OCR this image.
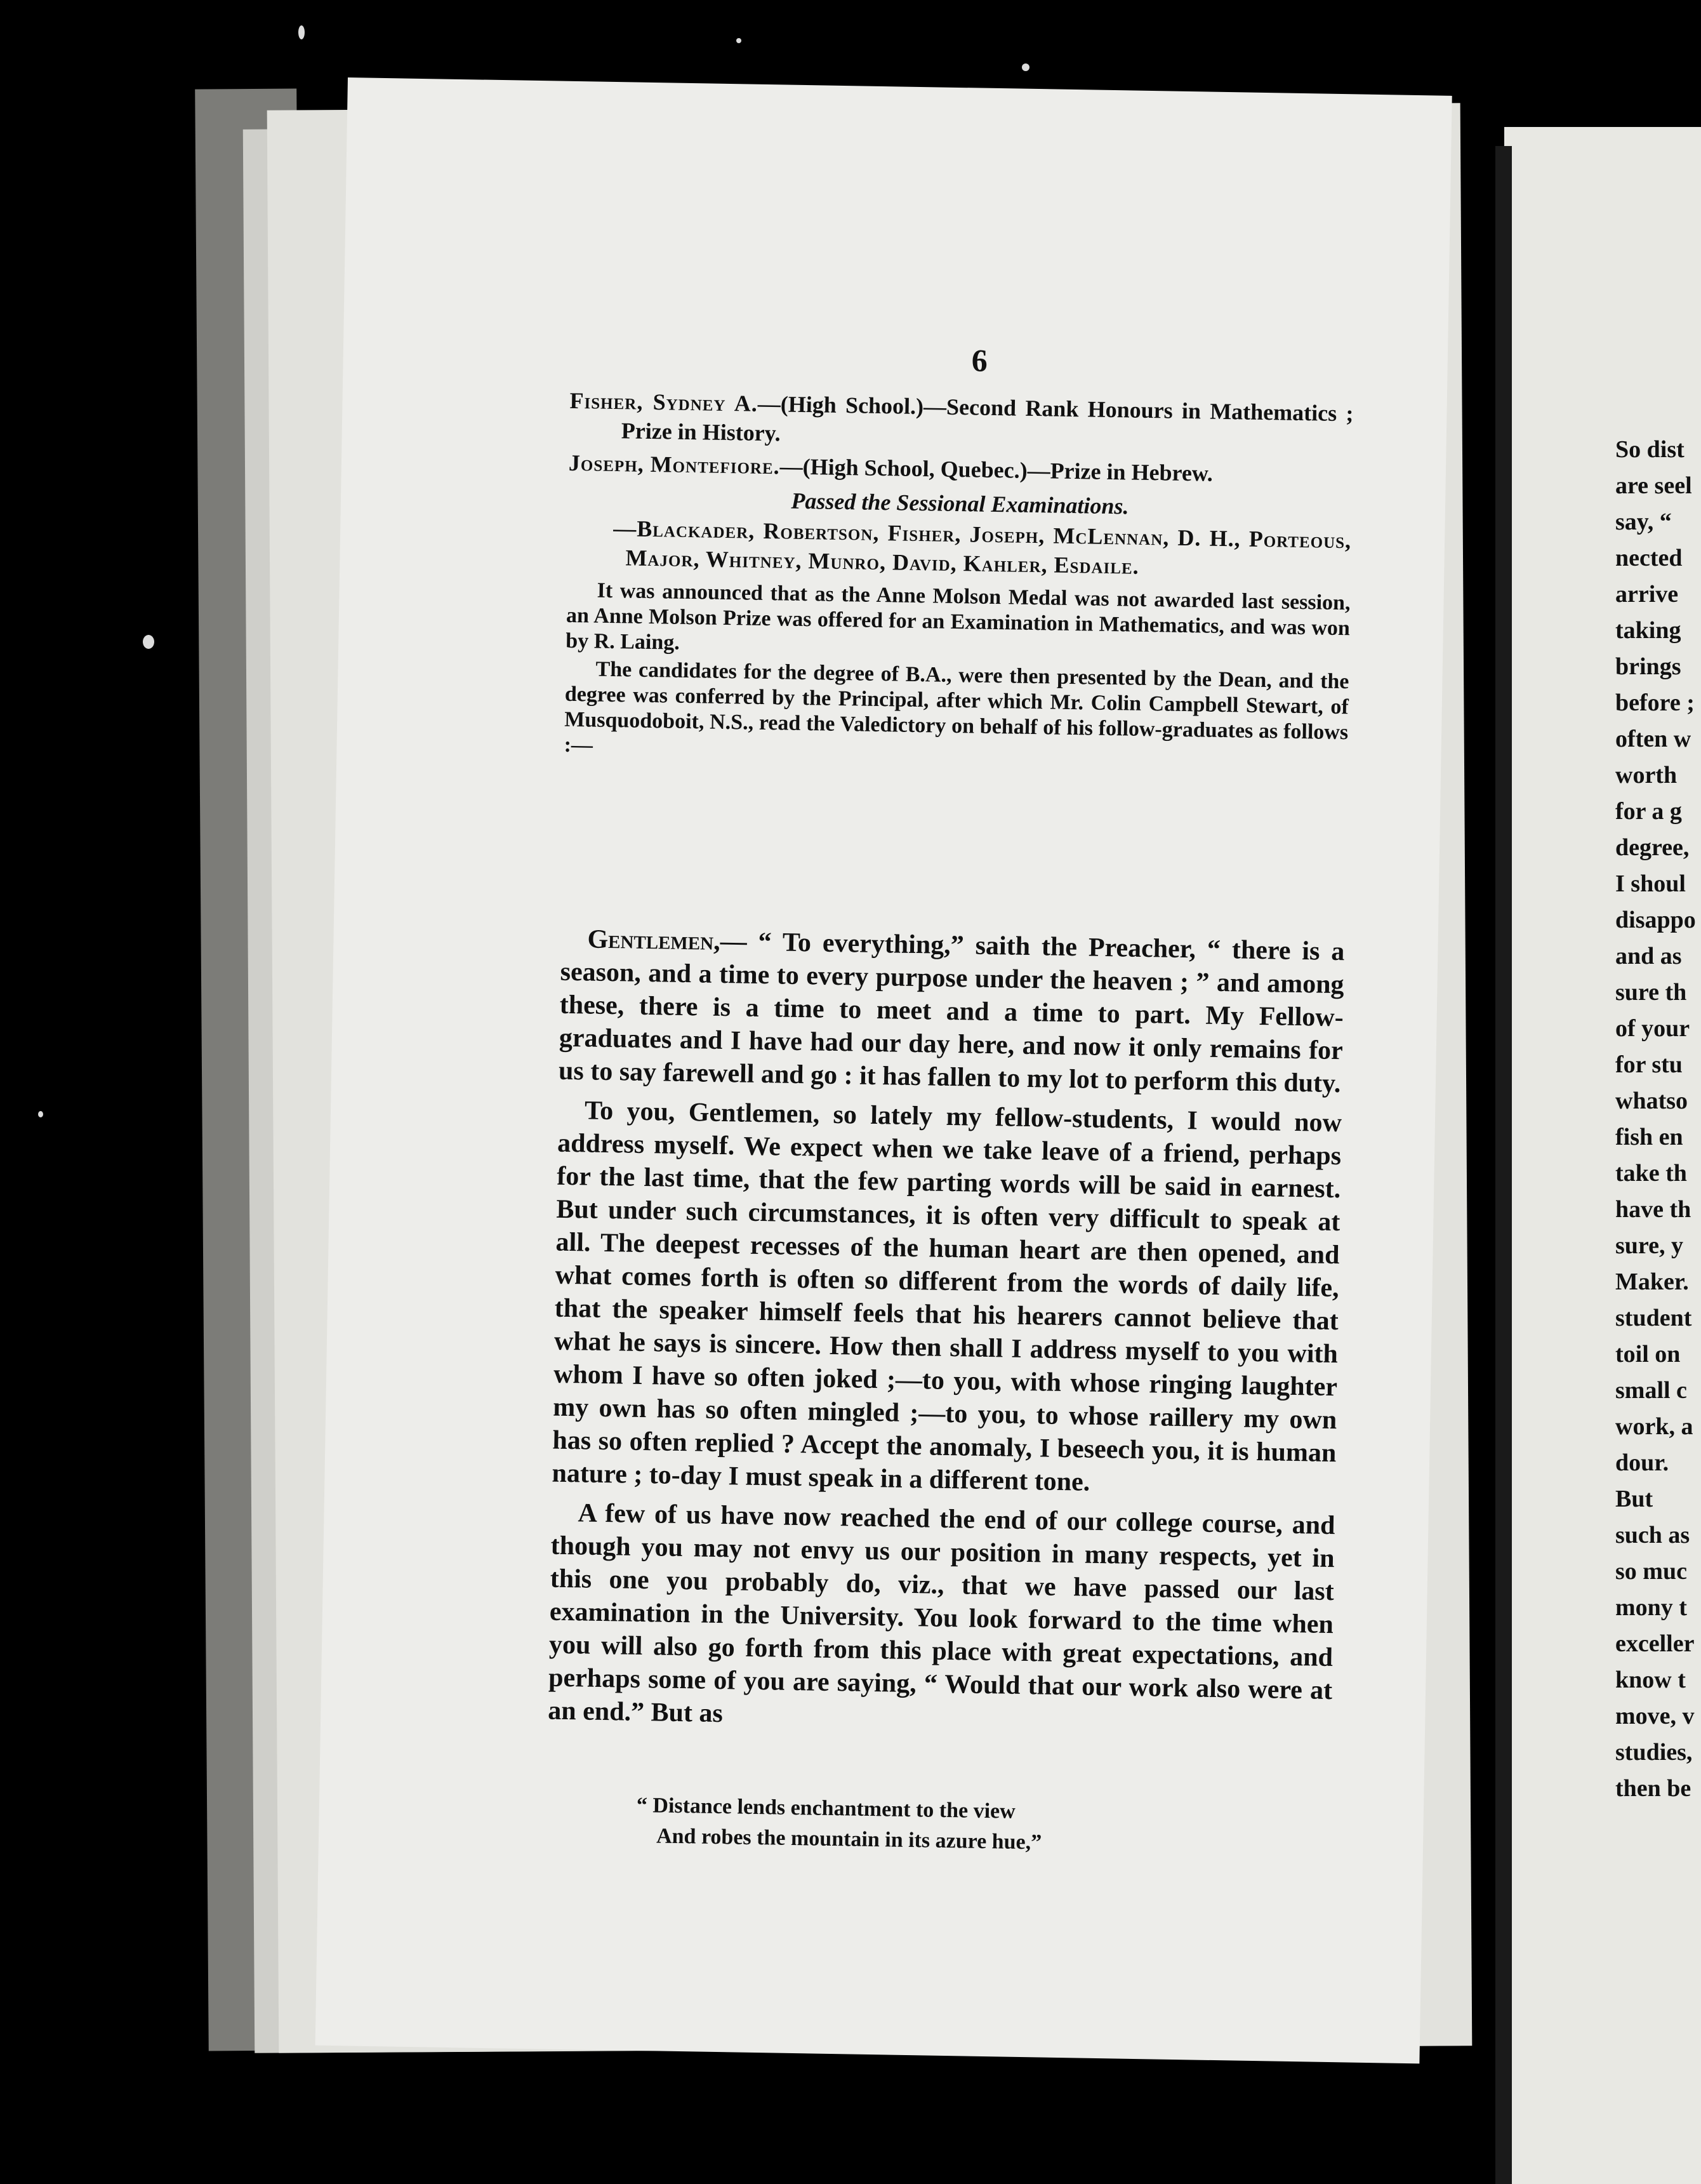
So dist
are seel
say, “
nected
arrive
taking
brings
before ;
often w
worth
for a g
degree,
I shoul
disappo
and as
sure th
of your
for stu
whatso
fish en
take th
have th
sure, y
Maker.
student
toil on
small c
work, a
dour.
But
such as
so muc
mony t
exceller
know t
move, v
studies,
then be
6

Fisher, Sydney A.—(High School.)—Second Rank Honours in Mathematics ; Prize in History.

Joseph, Montefiore.—(High School, Quebec.)—Prize in Hebrew.

Passed the Sessional Examinations.

—Blackader, Robertson, Fisher, Joseph, McLennan, D. H., Porteous, Major, Whitney, Munro, David, Kahler, Esdaile.

It was announced that as the Anne Molson Medal was not awarded last session, an Anne Molson Prize was offered for an Examination in Mathematics, and was won by R. Laing.

The candidates for the degree of B.A., were then presented by the Dean, and the degree was conferred by the Principal, after which Mr. Colin Campbell Stewart, of Musquodoboit, N.S., read the Valedictory on behalf of his follow-graduates as follows :—

Gentlemen,— “ To everything,” saith the Preacher, “ there is a season, and a time to every purpose under the heaven ; ” and among these, there is a time to meet and a time to part. My Fellow-graduates and I have had our day here, and now it only remains for us to say farewell and go : it has fallen to my lot to perform this duty.

To you, Gentlemen, so lately my fellow-students, I would now address myself. We expect when we take leave of a friend, perhaps for the last time, that the few parting words will be said in earnest. But under such circumstances, it is often very difficult to speak at all. The deepest recesses of the human heart are then opened, and what comes forth is often so different from the words of daily life, that the speaker himself feels that his hearers cannot believe that what he says is sincere. How then shall I address myself to you with whom I have so often joked ;—to you, with whose ringing laughter my own has so often mingled ;—to you, to whose raillery my own has so often replied ? Accept the anomaly, I beseech you, it is human nature ; to-day I must speak in a different tone.

A few of us have now reached the end of our college course, and though you may not envy us our position in many respects, yet in this one you probably do, viz., that we have passed our last examination in the University. You look forward to the time when you will also go forth from this place with great expectations, and perhaps some of you are saying, “ Would that our work also were at an end.” But as

“ Distance lends enchantment to the view
And robes the mountain in its azure hue,”
